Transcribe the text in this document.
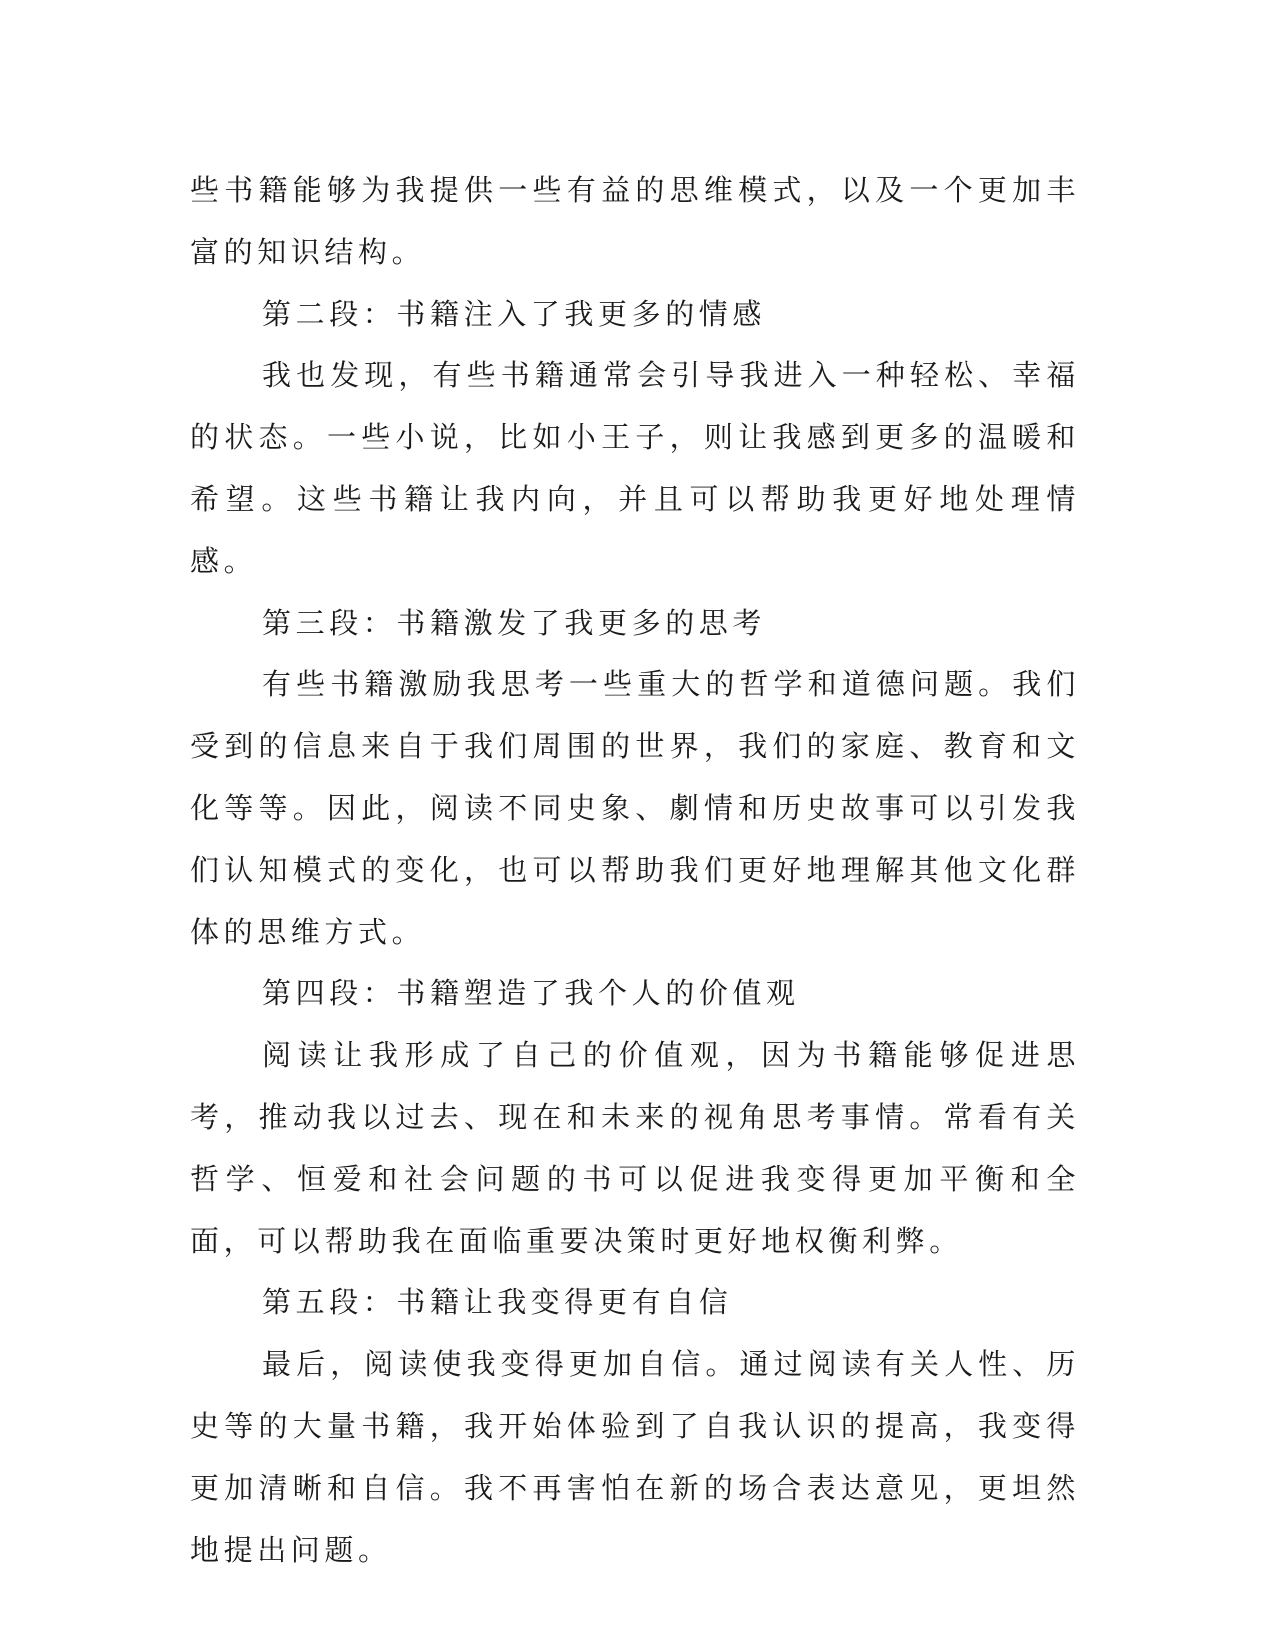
些书籍能够为我提供一些有益的思维模式，以及一个更加丰富的知识结构。

第二段：书籍注入了我更多的情感

我也发现，有些书籍通常会引导我进入一种轻松、幸福的状态。一些小说，比如小王子，则让我感到更多的温暖和希望。这些书籍让我内向，并且可以帮助我更好地处理情感。

第三段：书籍激发了我更多的思考

有些书籍激励我思考一些重大的哲学和道德问题。我们受到的信息来自于我们周围的世界，我们的家庭、教育和文化等等。因此，阅读不同史象、劇情和历史故事可以引发我们认知模式的变化，也可以帮助我们更好地理解其他文化群体的思维方式。

第四段：书籍塑造了我个人的价值观

阅读让我形成了自己的价值观，因为书籍能够促进思考，推动我以过去、现在和未来的视角思考事情。常看有关哲学、恒爱和社会问题的书可以促进我变得更加平衡和全面，可以帮助我在面临重要决策时更好地权衡利弊。

第五段：书籍让我变得更有自信

最后，阅读使我变得更加自信。通过阅读有关人性、历史等的大量书籍，我开始体验到了自我认识的提高，我变得更加清晰和自信。我不再害怕在新的场合表达意见，更坦然地提出问题。
